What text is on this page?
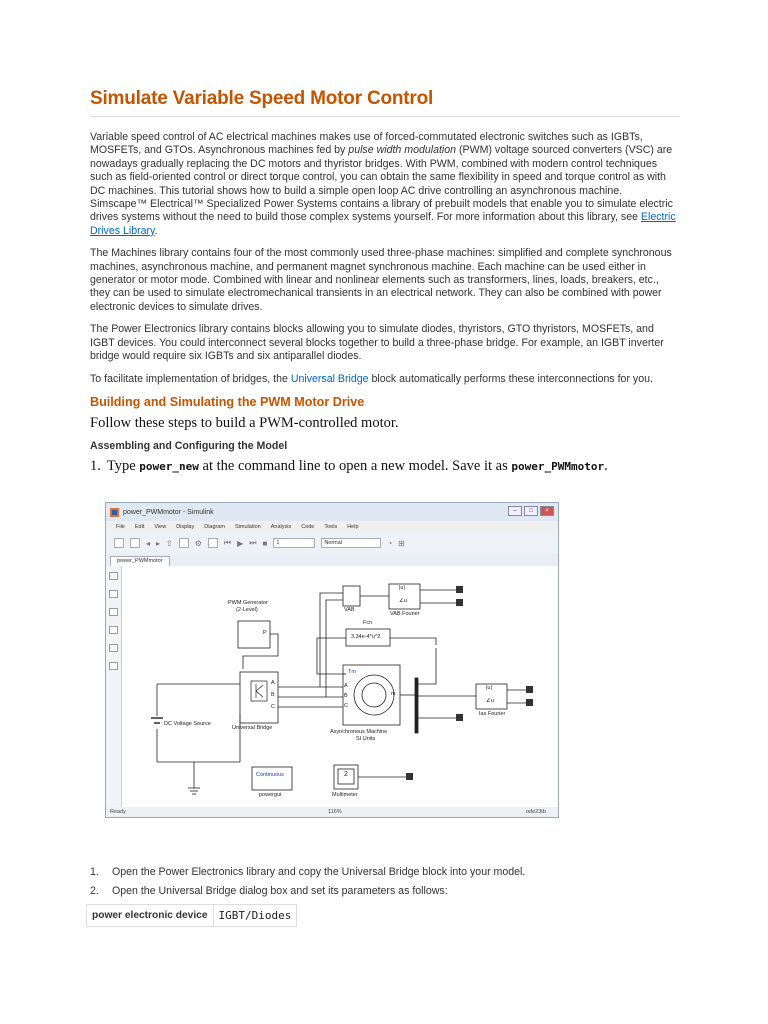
Simulate Variable Speed Motor Control

Variable speed control of AC electrical machines makes use of forced-commutated electronic switches such as IGBTs, MOSFETs, and GTOs. Asynchronous machines fed by pulse width modulation (PWM) voltage sourced converters (VSC) are nowadays gradually replacing the DC motors and thyristor bridges. With PWM, combined with modern control techniques such as field-oriented control or direct torque control, you can obtain the same flexibility in speed and torque control as with DC machines. This tutorial shows how to build a simple open loop AC drive controlling an asynchronous machine. Simscape™ Electrical™ Specialized Power Systems contains a library of prebuilt models that enable you to simulate electric drives systems without the need to build those complex systems yourself. For more information about this library, see Electric Drives Library.

The Machines library contains four of the most commonly used three-phase machines: simplified and complete synchronous machines, asynchronous machine, and permanent magnet synchronous machine. Each machine can be used either in generator or motor mode. Combined with linear and nonlinear elements such as transformers, lines, loads, breakers, etc., they can be used to simulate electromechanical transients in an electrical network. They can also be combined with power electronic devices to simulate drives.

The Power Electronics library contains blocks allowing you to simulate diodes, thyristors, GTO thyristors, MOSFETs, and IGBT devices. You could interconnect several blocks together to build a three-phase bridge. For example, an IGBT inverter bridge would require six IGBTs and six antiparallel diodes.

To facilitate implementation of bridges, the Universal Bridge block automatically performs these interconnections for you.

Building and Simulating the PWM Motor Drive
Follow these steps to build a PWM-controlled motor.
Assembling and Configuring the Model
1. Type power_new at the command line to open a new model. Save it as power_PWMmotor.
power_PWMmotor - Simulink	–	□	×
File Edit View Display Diagram Simulation Analysis Code Tools Help
◂ ▸ ⇧	⚙	⏮ ▶ ⏭ ■	1	Normal	◔ ⊞
power_PWMmotor
PWM Generator
(2-Level)
P
VAB
VAB Fourier
|u|
∠u
Fcn
3.34e-4*u^2
Tm
A
B
C
m
A
B
C
Universal Bridge
DC Voltage Source
Asynchronous Machine
SI Units
Ias Fourier
|u|
∠u
Continuous
powergui
2
Multimeter
Ready	116%	ode23tb
1.	Open the Power Electronics library and copy the Universal Bridge block into your model.
2.	Open the Universal Bridge dialog box and set its parameters as follows:
power electronic device	IGBT/Diodes
